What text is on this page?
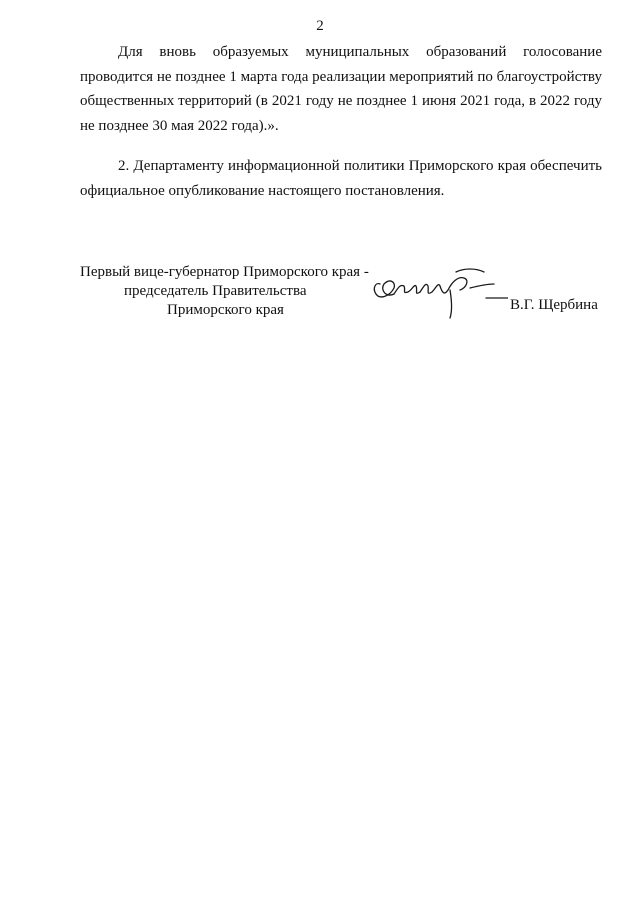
2

Для вновь образуемых муниципальных образований голосование проводится не позднее 1 марта года реализации мероприятий по благоустройству общественных территорий (в 2021 году не позднее 1 июня 2021 года, в 2022 году не позднее 30 мая 2022 года).».

2. Департаменту информационной политики Приморского края обеспечить официальное опубликование настоящего постановления.

Первый вице-губернатор Приморского края -
председатель Правительства
Приморского края	В.Г. Щербина
